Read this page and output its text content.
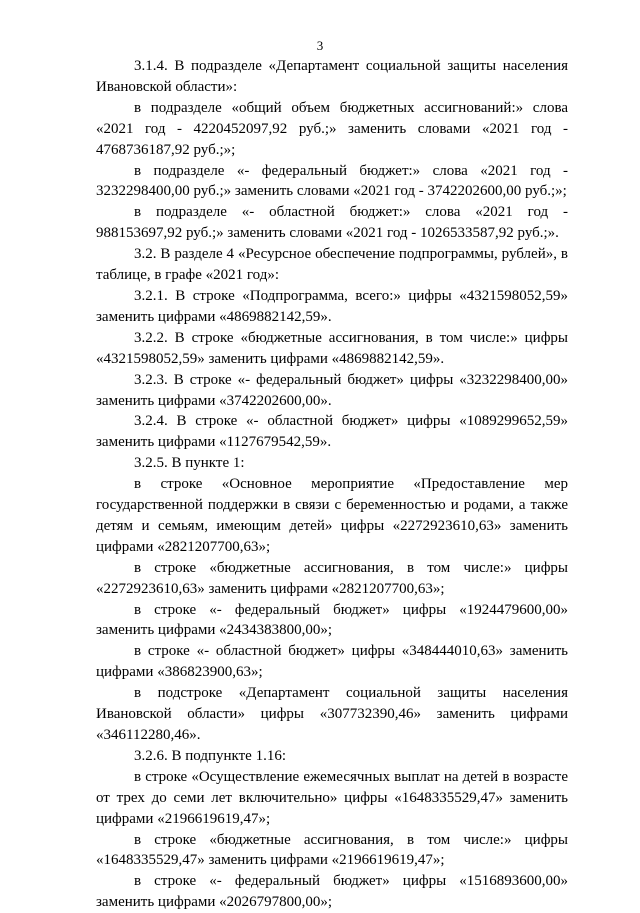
3

3.1.4. В подразделе «Департамент социальной защиты населения Ивановской области»:

в подразделе «общий объем бюджетных ассигнований:» слова «2021 год - 4220452097,92 руб.;» заменить словами «2021 год - 4768736187,92 руб.;»;

в подразделе «- федеральный бюджет:» слова «2021 год - 3232298400,00 руб.;» заменить словами «2021 год - 3742202600,00 руб.;»;

в подразделе «- областной бюджет:» слова «2021 год - 988153697,92 руб.;» заменить словами «2021 год - 1026533587,92 руб.;».

3.2. В разделе 4 «Ресурсное обеспечение подпрограммы, рублей», в таблице, в графе «2021 год»:

3.2.1. В строке «Подпрограмма, всего:» цифры «4321598052,59» заменить цифрами «4869882142,59».

3.2.2. В строке «бюджетные ассигнования, в том числе:» цифры «4321598052,59» заменить цифрами «4869882142,59».

3.2.3. В строке «- федеральный бюджет» цифры «3232298400,00» заменить цифрами «3742202600,00».

3.2.4. В строке «- областной бюджет» цифры «1089299652,59» заменить цифрами «1127679542,59».

3.2.5. В пункте 1:

в строке «Основное мероприятие «Предоставление мер государственной поддержки в связи с беременностью и родами, а также детям и семьям, имеющим детей» цифры «2272923610,63» заменить цифрами «2821207700,63»;

в строке «бюджетные ассигнования, в том числе:» цифры «2272923610,63» заменить цифрами «2821207700,63»;

в строке «- федеральный бюджет» цифры «1924479600,00» заменить цифрами «2434383800,00»;

в строке «- областной бюджет» цифры «348444010,63» заменить цифрами «386823900,63»;

в подстроке «Департамент социальной защиты населения Ивановской области» цифры «307732390,46» заменить цифрами «346112280,46».

3.2.6. В подпункте 1.16:

в строке «Осуществление ежемесячных выплат на детей в возрасте от трех до семи лет включительно» цифры «1648335529,47» заменить цифрами «2196619619,47»;

в строке «бюджетные ассигнования, в том числе:» цифры «1648335529,47» заменить цифрами «2196619619,47»;

в строке «- федеральный бюджет» цифры «1516893600,00» заменить цифрами «2026797800,00»;
